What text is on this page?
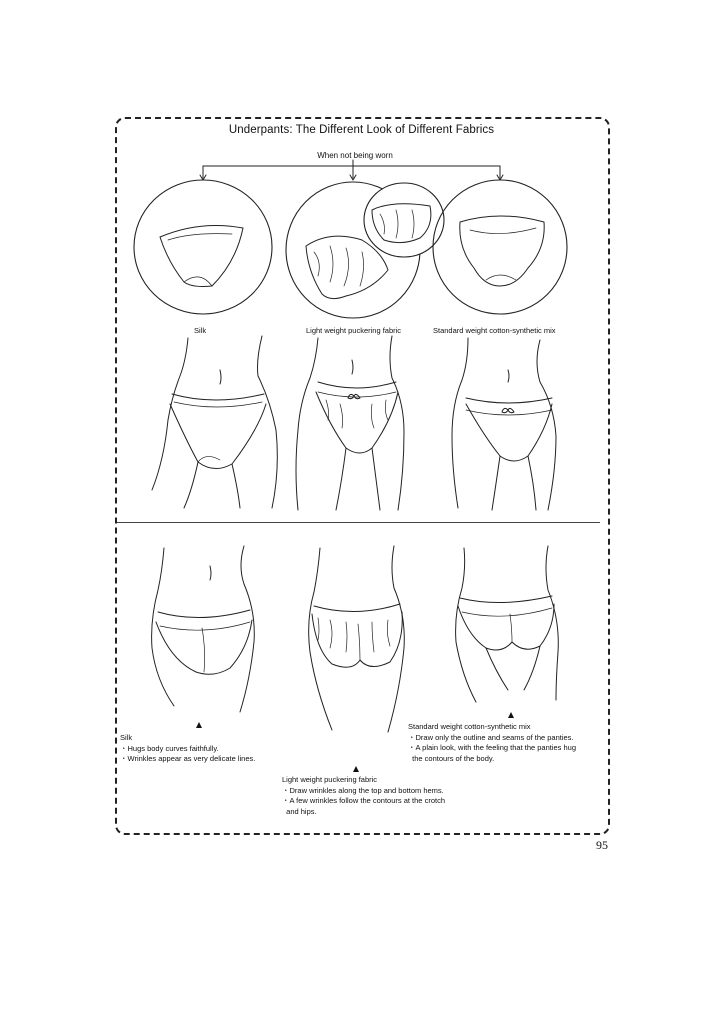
Underpants: The Different Look of Different Fabrics
When not being worn
Silk	Light weight puckering fabric	Standard weight cotton-synthetic mix
Silk
・Hugs body curves faithfully.
・Wrinkles appear as very delicate lines.
Light weight puckering fabric
・Draw wrinkles along the top and bottom hems.
・A few wrinkles follow the contours at the crotch
and hips.
Standard weight cotton-synthetic mix
・Draw only the outline and seams of the panties.
・A plain look, with the feeling that the panties hug
the contours of the body.
95
